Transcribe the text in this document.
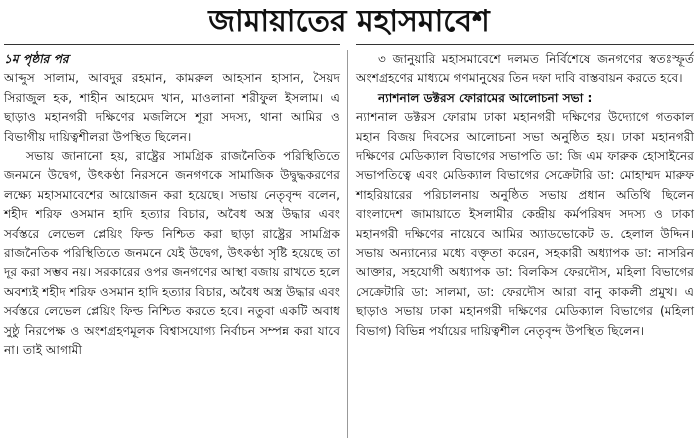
জামায়াতের মহাসমাবেশ

১ম পৃষ্ঠার পর
আব্দুস সালাম, আবদুর রহমান, কামরুল আহসান হাসান, সৈয়দ সিরাজুল হক, শাহীন আহমেদ খান, মাওলানা শরীফুল ইসলাম। এ ছাড়াও মহানগরী দক্ষিণের মজলিসে শূরা সদস্য, থানা আমির ও বিভাগীয় দায়িত্বশীলরা উপস্থিত ছিলেন।

সভায় জানানো হয়, রাষ্ট্রের সামগ্রিক রাজনৈতিক পরিস্থিতিতে জনমনে উদ্বেগ, উৎকণ্ঠা নিরসনে জনগণকে সামাজিক উদ্বুদ্ধকরণের লক্ষ্যে মহাসমাবেশের আয়োজন করা হয়েছে। সভায় নেতৃবৃন্দ বলেন, শহীদ শরিফ ওসমান হাদি হত্যার বিচার, অবৈধ অস্ত্র উদ্ধার এবং সর্বস্তরে লেভেল প্লেয়িং ফিল্ড নিশ্চিত করা ছাড়া রাষ্ট্রের সামগ্রিক রাজনৈতিক পরিস্থিতিতে জনমনে যেই উদ্বেগ, উৎকণ্ঠা সৃষ্টি হয়েছে তা দূর করা সম্ভব নয়। সরকারের ওপর জনগণের আস্থা বজায় রাখতে হলে অবশ্যই শহীদ শরিফ ওসমান হাদি হত্যার বিচার, অবৈধ অস্ত্র উদ্ধার এবং সর্বস্তরে লেভেল প্লেয়িং ফিল্ড নিশ্চিত করতে হবে। নতুবা একটি অবাধ সুষ্ঠু নিরপেক্ষ ও অংশগ্রহণমূলক বিশ্বাসযোগ্য নির্বাচন সম্পন্ন করা যাবে না। তাই আগামী

৩ জানুয়ারি মহাসমাবেশে দলমত নির্বিশেষে জনগণের স্বতঃস্ফূর্ত অংশগ্রহণের মাধ্যমে গণমানুষের তিন দফা দাবি বাস্তবায়ন করতে হবে।

ন্যাশনাল ডক্টরস ফোরামের আলোচনা সভা :

ন্যাশনাল ডক্টরস ফোরাম ঢাকা মহানগরী দক্ষিণের উদ্যোগে গতকাল মহান বিজয় দিবসের আলোচনা সভা অনুষ্ঠিত হয়। ঢাকা মহানগরী দক্ষিণের মেডিক্যাল বিভাগের সভাপতি ডা: জি এম ফারুক হোসাইনের সভাপতিত্বে এবং মেডিক্যাল বিভাগের সেক্রেটারি ডা: মোহাম্মদ মারুফ শাহরিয়ারের পরিচালনায় অনুষ্ঠিত সভায় প্রধান অতিথি ছিলেন বাংলাদেশ জামায়াতে ইসলামীর কেন্দ্রীয় কর্মপরিষদ সদস্য ও ঢাকা মহানগরী দক্ষিণের নায়েবে আমির অ্যাডভোকেট ড. হেলাল উদ্দিন। সভায় অন্যান্যের মধ্যে বক্তৃতা করেন, সহকারী অধ্যাপক ডা: নাসরিন আক্তার, সহযোগী অধ্যাপক ডা: বিলকিস ফেরদৌস, মহিলা বিভাগের সেক্রেটারি ডা: সালমা, ডা: ফেরদৌস আরা বানু কাকলী প্রমুখ। এ ছাড়াও সভায় ঢাকা মহানগরী দক্ষিণের মেডিক্যাল বিভাগের (মহিলা বিভাগ) বিভিন্ন পর্যায়ের দায়িত্বশীল নেতৃবৃন্দ উপস্থিত ছিলেন।
